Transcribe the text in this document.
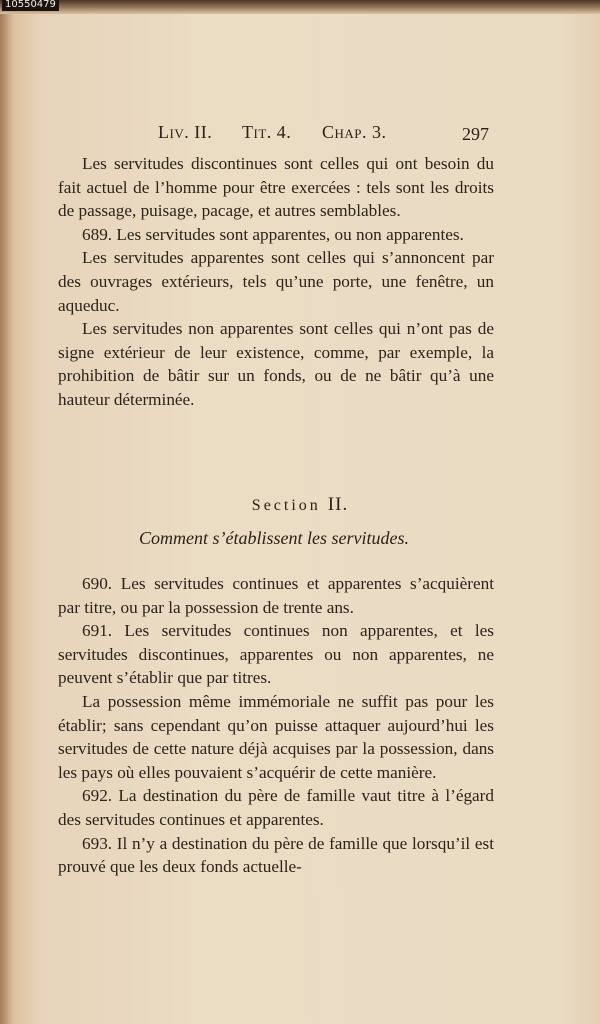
10550479
Liv. II. Tit. 4. Chap. 3.	297

Les servitudes discontinues sont celles qui ont besoin du fait actuel de l’homme pour être exercées : tels sont les droits de passage, puisage, pacage, et autres semblables.

689. Les servitudes sont apparentes, ou non apparentes.

Les servitudes apparentes sont celles qui s’annoncent par des ouvrages extérieurs, tels qu’une porte, une fenêtre, un aqueduc.

Les servitudes non apparentes sont celles qui n’ont pas de signe extérieur de leur existence, comme, par exemple, la prohibition de bâtir sur un fonds, ou de ne bâtir qu’à une hauteur déterminée.

Section II.
Comment s’établissent les servitudes.

690. Les servitudes continues et apparentes s’acquièrent par titre, ou par la possession de trente ans.

691. Les servitudes continues non apparentes, et les servitudes discontinues, apparentes ou non apparentes, ne peuvent s’établir que par titres.

La possession même immémoriale ne suffit pas pour les établir; sans cependant qu’on puisse attaquer aujourd’hui les servitudes de cette nature déjà acquises par la possession, dans les pays où elles pouvaient s’acquérir de cette manière.

692. La destination du père de famille vaut titre à l’égard des servitudes continues et apparentes.

693. Il n’y a destination du père de famille que lorsqu’il est prouvé que les deux fonds actuelle-
